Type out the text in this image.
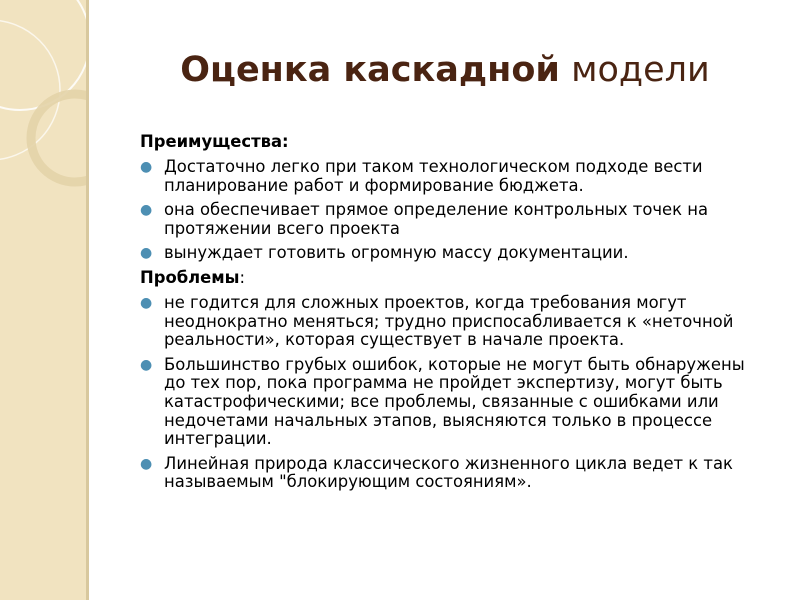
Оценка каскадной модели
Преимущества:
● Достаточно легко при таком технологическом подходе вести планирование работ и формирование бюджета.
● она обеспечивает прямое определение контрольных точек на протяжении всего проекта
● вынуждает готовить огромную массу документации.
Проблемы:
● не годится для сложных проектов, когда требования могут неоднократно меняться; трудно приспосабливается к «неточной реальности», которая существует в начале проекта.
● Большинство грубых ошибок, которые не могут быть обнаружены до тех пор, пока программа не пройдет экспертизу, могут быть катастрофическими; все проблемы, связанные с ошибками или недочетами начальных этапов, выясняются только в процессе интеграции.
● Линейная природа классического жизненного цикла ведет к так называемым "блокирующим состояниям».
